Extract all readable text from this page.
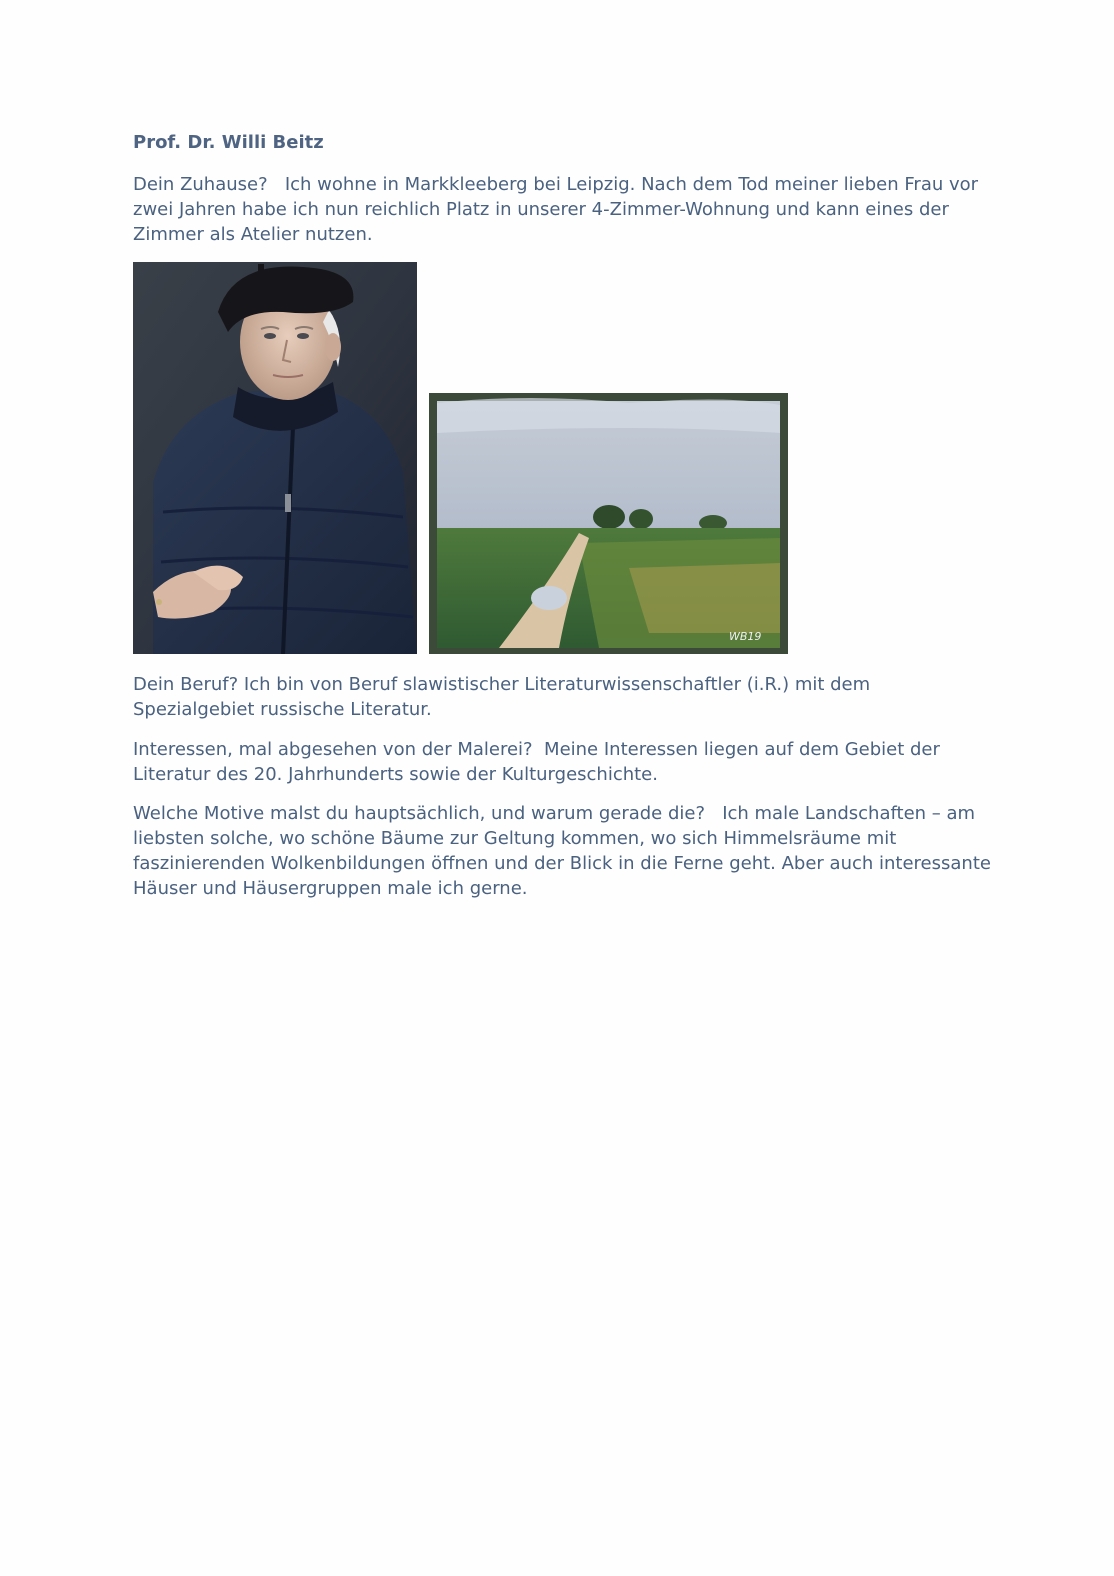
Prof. Dr. Willi Beitz

Dein Zuhause?   Ich wohne in Markkleeberg bei Leipzig. Nach dem Tod meiner lieben Frau vor zwei Jahren habe ich nun reichlich Platz in unserer 4-Zimmer-Wohnung und kann eines der Zimmer als Atelier nutzen.

WB19

Dein Beruf? Ich bin von Beruf slawistischer Literaturwissenschaftler (i.R.) mit dem Spezialgebiet russische Literatur.

Interessen, mal abgesehen von der Malerei?  Meine Interessen liegen auf dem Gebiet der Literatur des 20. Jahrhunderts sowie der Kulturgeschichte.

Welche Motive malst du hauptsächlich, und warum gerade die?   Ich male Landschaften – am liebsten solche, wo schöne Bäume zur Geltung kommen, wo sich Himmelsräume mit faszinierenden Wolkenbildungen öffnen und der Blick in die Ferne geht. Aber auch interessante Häuser und Häusergruppen male ich gerne.
